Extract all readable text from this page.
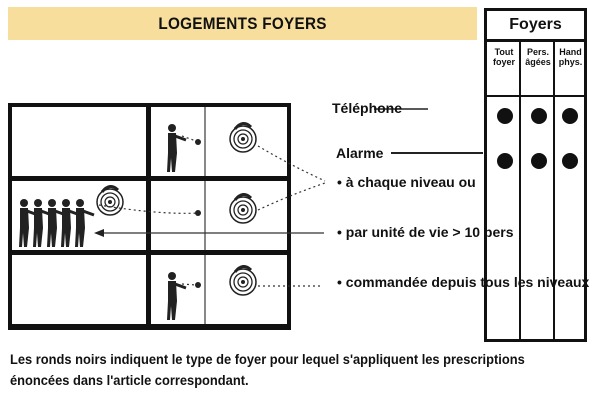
LOGEMENTS FOYERS
Téléphone
Alarme
• à chaque niveau ou
• par unité de vie > 10 pers
• commandée depuis tous les niveaux
Foyers
Tout foyer
Pers. âgées
Hand phys.
Les ronds noirs indiquent le type de foyer pour lequel s'appliquent les prescriptions énoncées dans l'article correspondant.
